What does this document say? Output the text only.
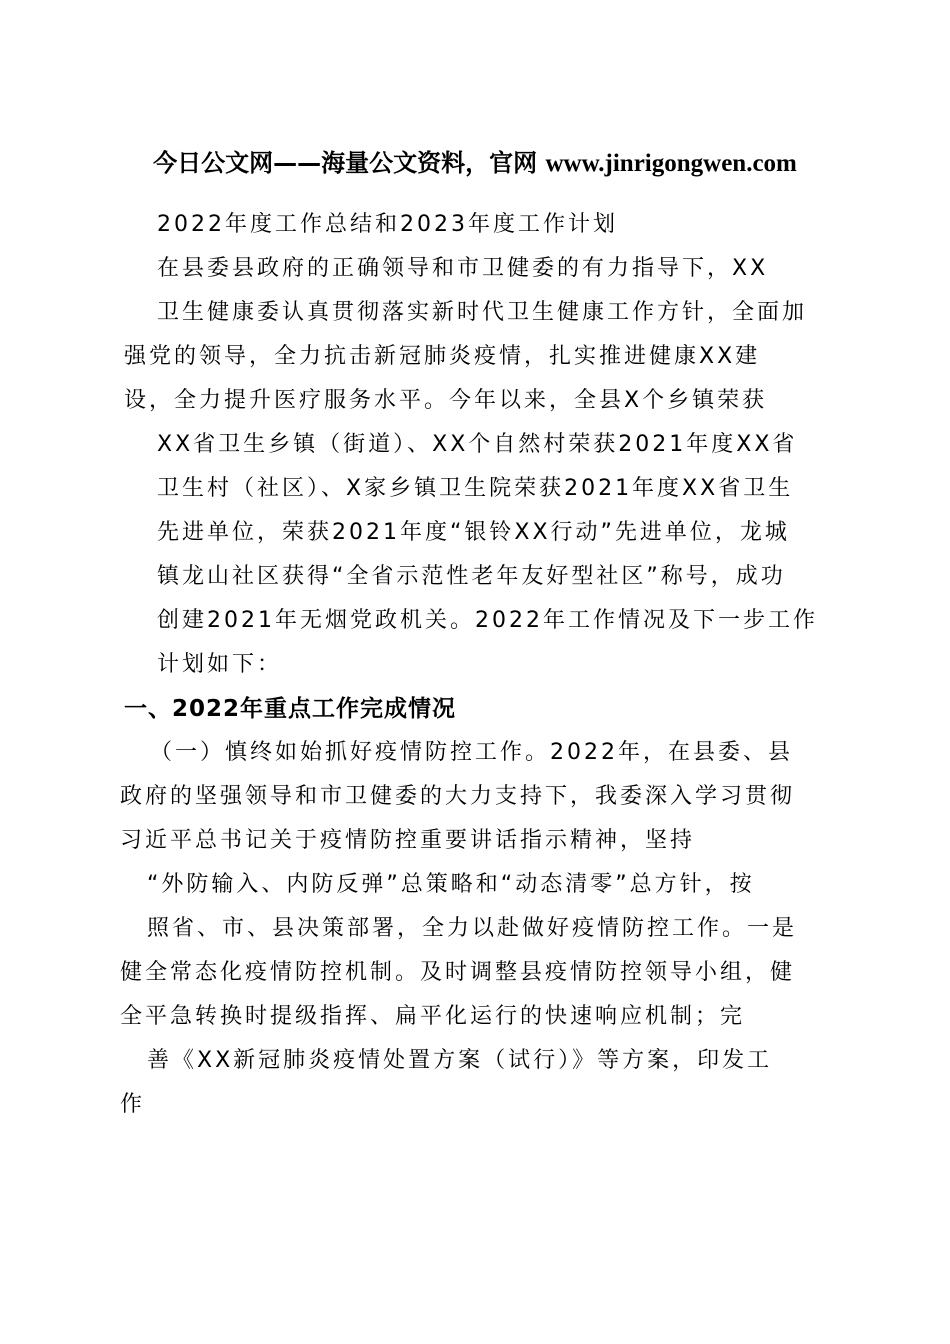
今日公文网——海量公文资料，官网 www.jinrigongwen.com
2022年度工作总结和2023年度工作计划
在县委县政府的正确领导和市卫健委的有力指导下，XX
卫生健康委认真贯彻落实新时代卫生健康工作方针，全面加
强党的领导，全力抗击新冠肺炎疫情，扎实推进健康XX建
设，全力提升医疗服务水平。今年以来，全县X个乡镇荣获
XX省卫生乡镇（街道）、XX个自然村荣获2021年度XX省
卫生村（社区）、X家乡镇卫生院荣获2021年度XX省卫生
先进单位，荣获2021年度“银铃XX行动”先进单位，龙城
镇龙山社区获得“全省示范性老年友好型社区”称号，成功
创建2021年无烟党政机关。2022年工作情况及下一步工作
计划如下：
一、2022年重点工作完成情况
（一）慎终如始抓好疫情防控工作。2022年，在县委、县
政府的坚强领导和市卫健委的大力支持下，我委深入学习贯彻
习近平总书记关于疫情防控重要讲话指示精神，坚持
“外防输入、内防反弹”总策略和“动态清零”总方针，按
照省、市、县决策部署，全力以赴做好疫情防控工作。一是
健全常态化疫情防控机制。及时调整县疫情防控领导小组，健
全平急转换时提级指挥、扁平化运行的快速响应机制；完
善《XX新冠肺炎疫情处置方案（试行）》等方案，印发工
作
